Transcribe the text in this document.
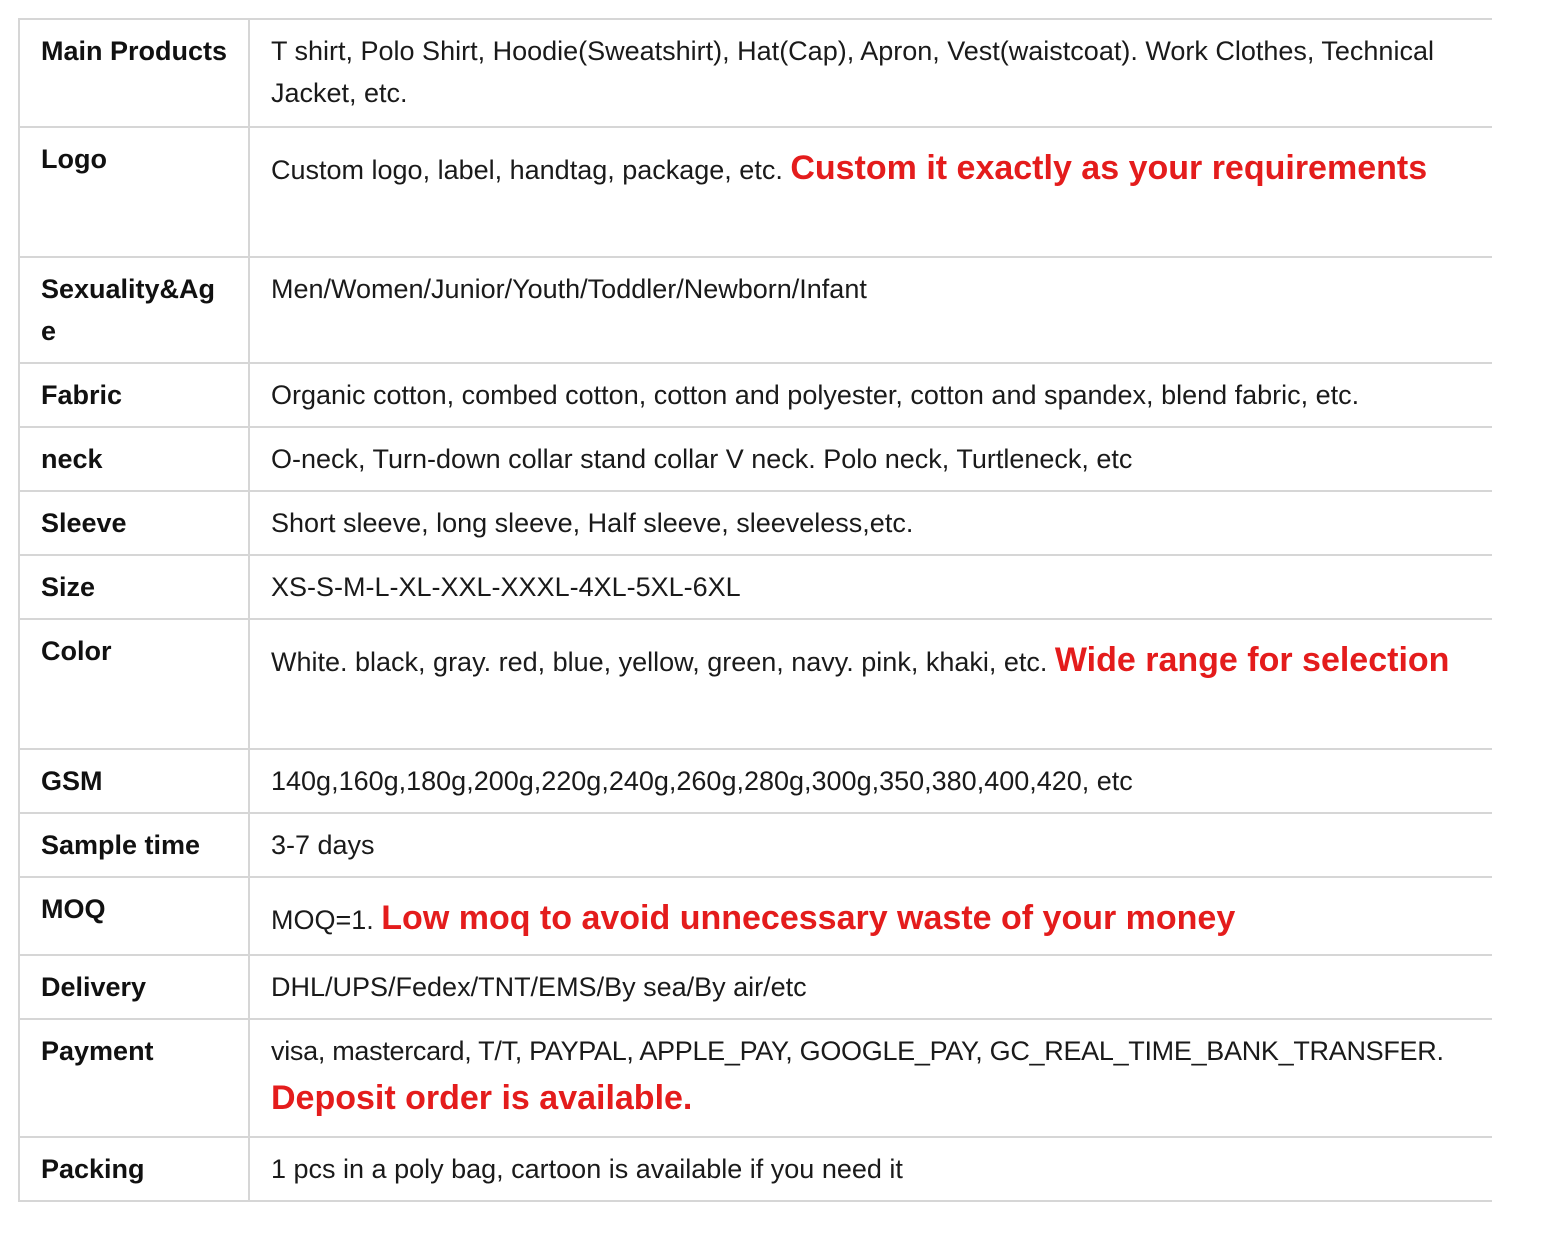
Main Products	T shirt, Polo Shirt, Hoodie(Sweatshirt), Hat(Cap), Apron, Vest(waistcoat). Work Clothes, Technical Jacket, etc.
Logo	Custom logo, label, handtag, package, etc. Custom it exactly as your requirements
Sexuality&Age	Men/Women/Junior/Youth/Toddler/Newborn/Infant
Fabric	Organic cotton, combed cotton, cotton and polyester, cotton and spandex, blend fabric, etc.
neck	O-neck, Turn-down collar stand collar V neck. Polo neck, Turtleneck, etc
Sleeve	Short sleeve, long sleeve, Half sleeve, sleeveless,etc.
Size	XS-S-M-L-XL-XXL-XXXL-4XL-5XL-6XL
Color	White. black, gray. red, blue, yellow, green, navy. pink, khaki, etc. Wide range for selection
GSM	140g,160g,180g,200g,220g,240g,260g,280g,300g,350,380,400,420, etc
Sample time	3-7 days
MOQ	MOQ=1. Low moq to avoid unnecessary waste of your money
Delivery	DHL/UPS/Fedex/TNT/EMS/By sea/By air/etc
Payment	visa, mastercard, T/T, PAYPAL, APPLE_PAY, GOOGLE_PAY, GC_REAL_TIME_BANK_TRANSFER.
Deposit order is available.

Packing	1 pcs in a poly bag, cartoon is available if you need it
